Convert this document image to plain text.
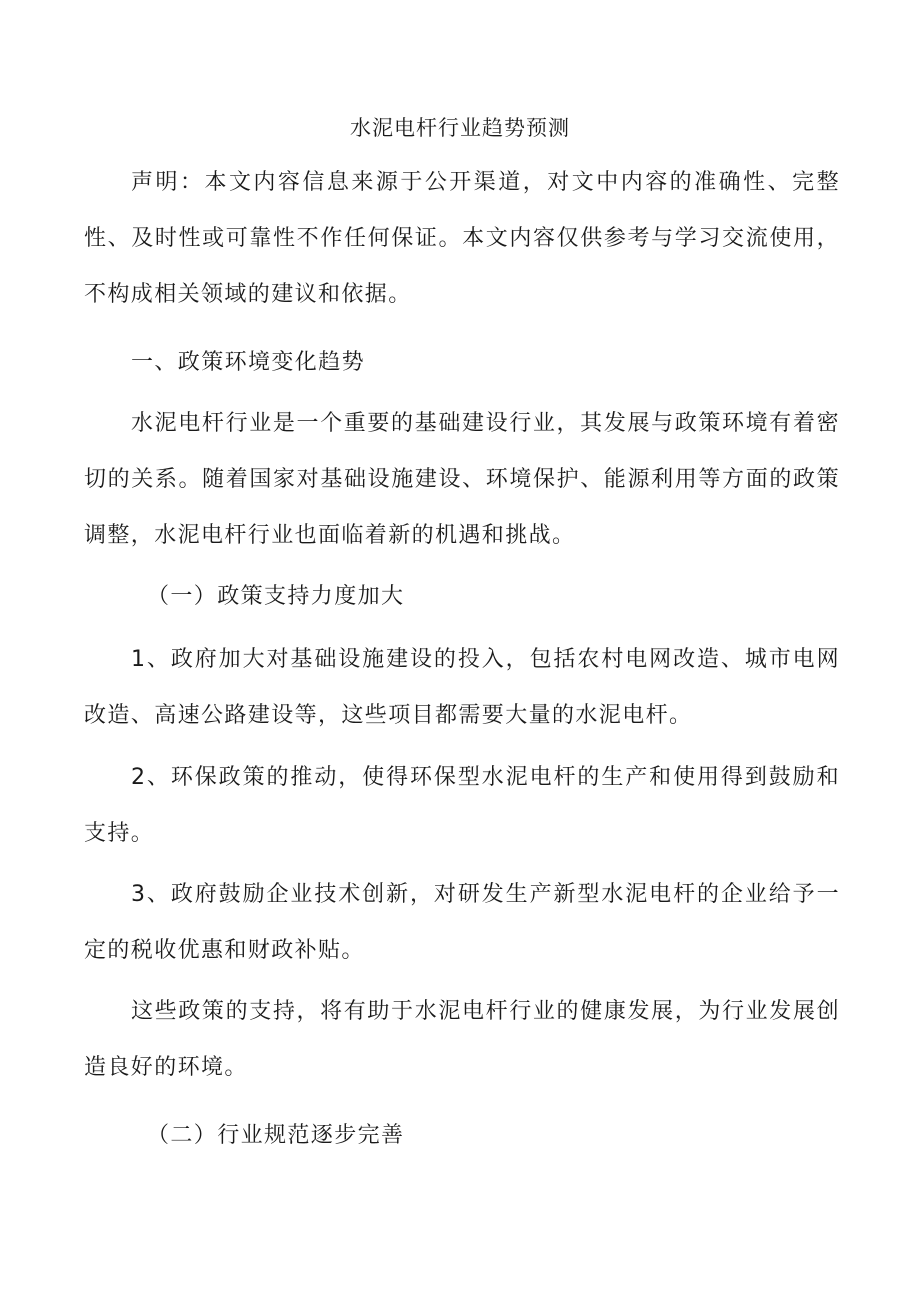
水泥电杆行业趋势预测

声明：本文内容信息来源于公开渠道，对文中内容的准确性、完整性、及时性或可靠性不作任何保证。本文内容仅供参考与学习交流使用，不构成相关领域的建议和依据。

一、政策环境变化趋势

水泥电杆行业是一个重要的基础建设行业，其发展与政策环境有着密切的关系。随着国家对基础设施建设、环境保护、能源利用等方面的政策调整，水泥电杆行业也面临着新的机遇和挑战。

（一）政策支持力度加大

1、政府加大对基础设施建设的投入，包括农村电网改造、城市电网改造、高速公路建设等，这些项目都需要大量的水泥电杆。

2、环保政策的推动，使得环保型水泥电杆的生产和使用得到鼓励和支持。

3、政府鼓励企业技术创新，对研发生产新型水泥电杆的企业给予一定的税收优惠和财政补贴。

这些政策的支持，将有助于水泥电杆行业的健康发展，为行业发展创造良好的环境。

（二）行业规范逐步完善
